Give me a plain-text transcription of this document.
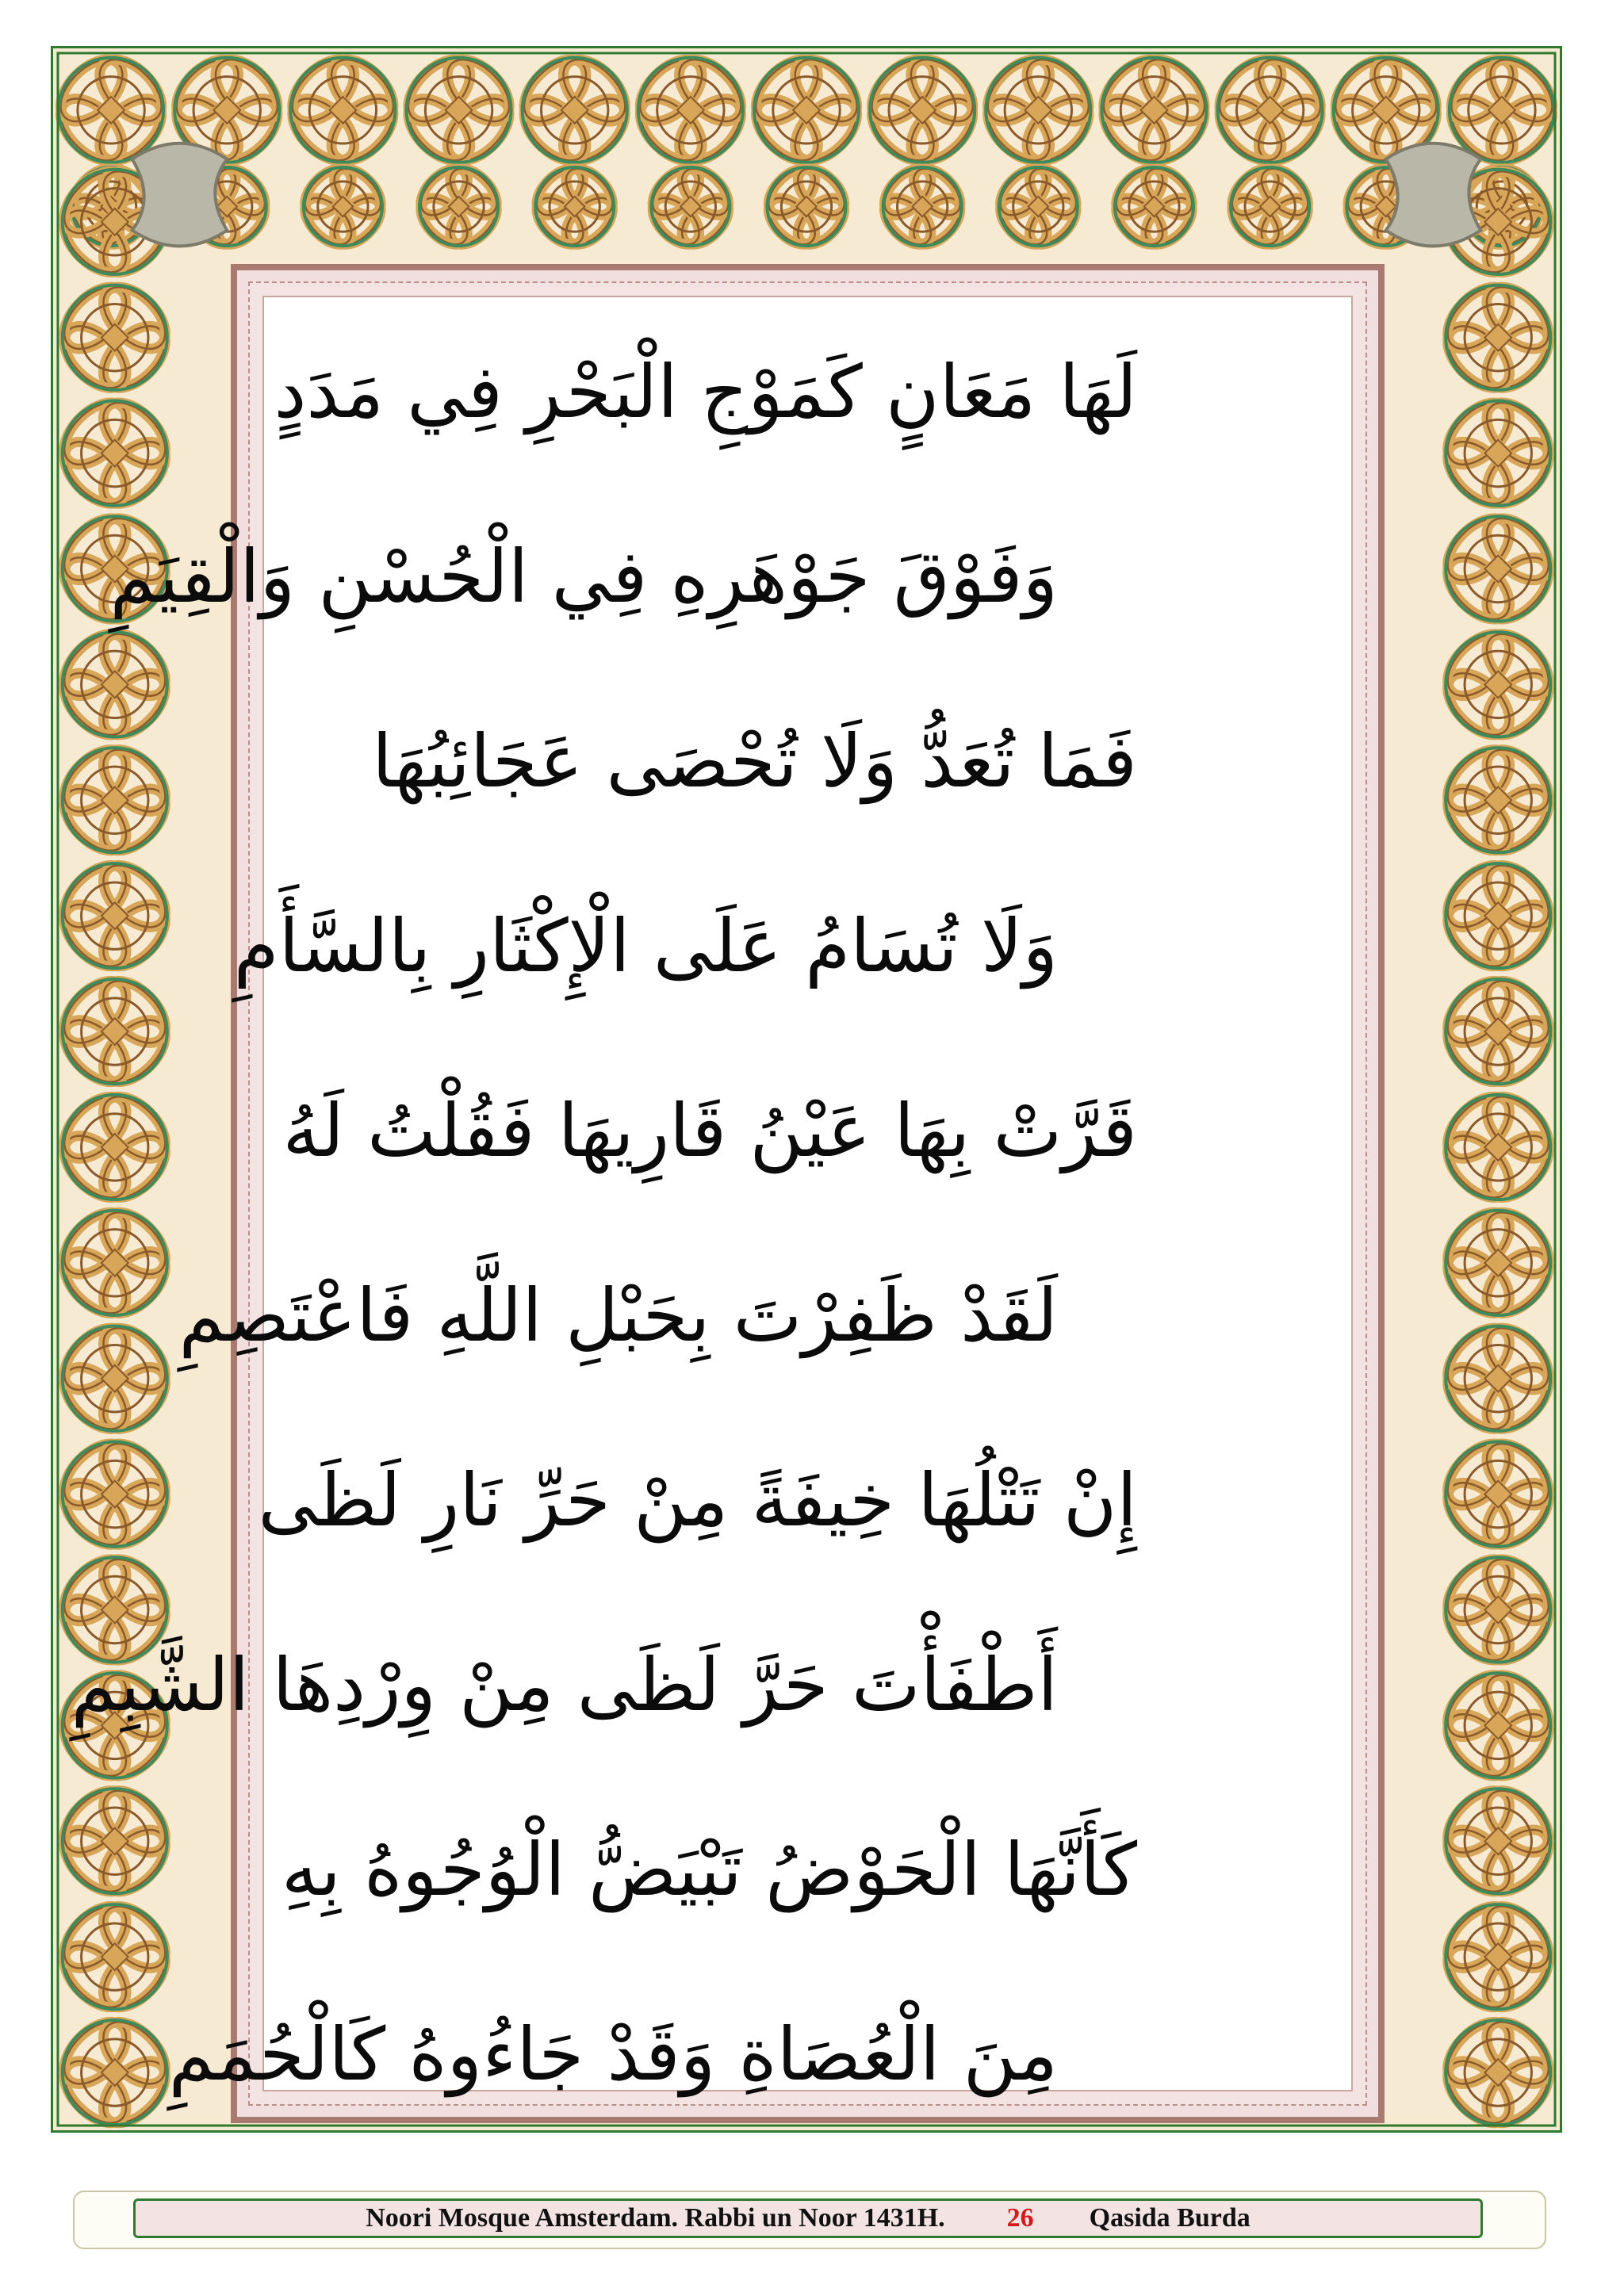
لَهَا مَعَانٍ كَمَوْجِ الْبَحْرِ فِي مَدَدٍ
وَفَوْقَ جَوْهَرِهِ فِي الْحُسْنِ وَالْقِيَمِ
فَمَا تُعَدُّ وَلَا تُحْصَى عَجَائِبُهَا
وَلَا تُسَامُ عَلَى الْإِكْثَارِ بِالسَّأَمِ
قَرَّتْ بِهَا عَيْنُ قَارِيهَا فَقُلْتُ لَهُ
لَقَدْ ظَفِرْتَ بِحَبْلِ اللَّهِ فَاعْتَصِمِ
إِنْ تَتْلُهَا خِيفَةً مِنْ حَرِّ نَارِ لَظَى
أَطْفَأْتَ حَرَّ لَظَى مِنْ وِرْدِهَا الشَّبِمِ
كَأَنَّهَا الْحَوْضُ تَبْيَضُّ الْوُجُوهُ بِهِ
مِنَ الْعُصَاةِ وَقَدْ جَاءُوهُ كَالْحُمَمِ
Noori Mosque Amsterdam. Rabbi un Noor 1431H. 26 Qasida Burda
